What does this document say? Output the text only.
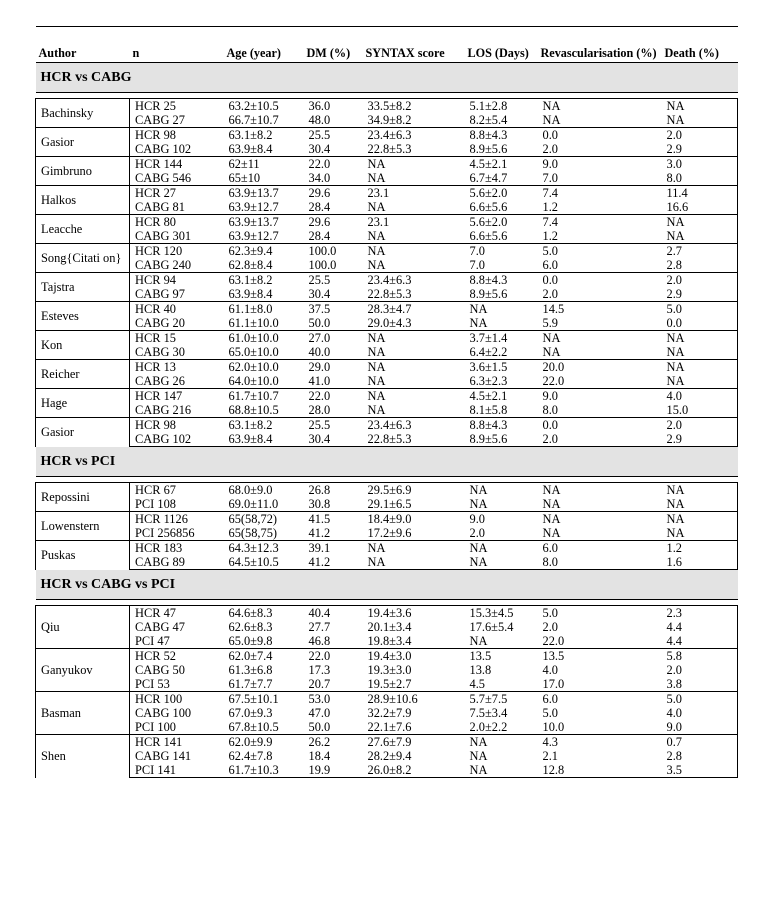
Author	n	Age (year)	DM (%)	SYNTAX score	LOS (Days)	Revascularisation (%)	Death (%)
HCR vs CABG							

Bachinsky	HCR 25	63.2±10.5	36.0	33.5±8.2	5.1±2.8	NA	NA
	CABG 27	66.7±10.7	48.0	34.9±8.2	8.2±5.4	NA	NA
Gasior	HCR 98	63.1±8.2	25.5	23.4±6.3	8.8±4.3	0.0	2.0
	CABG 102	63.9±8.4	30.4	22.8±5.3	8.9±5.6	2.0	2.9
Gimbruno	HCR 144	62±11	22.0	NA	4.5±2.1	9.0	3.0
	CABG 546	65±10	34.0	NA	6.7±4.7	7.0	8.0
Halkos	HCR 27	63.9±13.7	29.6	23.1	5.6±2.0	7.4	11.4
	CABG 81	63.9±12.7	28.4	NA	6.6±5.6	1.2	16.6
Leacche	HCR 80	63.9±13.7	29.6	23.1	5.6±2.0	7.4	NA
	CABG 301	63.9±12.7	28.4	NA	6.6±5.6	1.2	NA
Song{Citati on}	HCR 120	62.3±9.4	100.0	NA	7.0	5.0	2.7
	CABG 240	62.8±8.4	100.0	NA	7.0	6.0	2.8
Tajstra	HCR 94	63.1±8.2	25.5	23.4±6.3	8.8±4.3	0.0	2.0
	CABG 97	63.9±8.4	30.4	22.8±5.3	8.9±5.6	2.0	2.9
Esteves	HCR 40	61.1±8.0	37.5	28.3±4.7	NA	14.5	5.0
	CABG 20	61.1±10.0	50.0	29.0±4.3	NA	5.9	0.0
Kon	HCR 15	61.0±10.0	27.0	NA	3.7±1.4	NA	NA
	CABG 30	65.0±10.0	40.0	NA	6.4±2.2	NA	NA
Reicher	HCR 13	62.0±10.0	29.0	NA	3.6±1.5	20.0	NA
	CABG 26	64.0±10.0	41.0	NA	6.3±2.3	22.0	NA
Hage	HCR 147	61.7±10.7	22.0	NA	4.5±2.1	9.0	4.0
	CABG 216	68.8±10.5	28.0	NA	8.1±5.8	8.0	15.0
Gasior	HCR 98	63.1±8.2	25.5	23.4±6.3	8.8±4.3	0.0	2.0
	CABG 102	63.9±8.4	30.4	22.8±5.3	8.9±5.6	2.0	2.9
HCR vs PCI							

Repossini	HCR 67	68.0±9.0	26.8	29.5±6.9	NA	NA	NA
	PCI 108	69.0±11.0	30.8	29.1±6.5	NA	NA	NA
Lowenstern	HCR 1126	65(58,72)	41.5	18.4±9.0	9.0	NA	NA
	PCI 256856	65(58,75)	41.2	17.2±9.6	2.0	NA	NA
Puskas	HCR 183	64.3±12.3	39.1	NA	NA	6.0	1.2
	CABG 89	64.5±10.5	41.2	NA	NA	8.0	1.6
HCR vs CABG vs PCI							

Qiu	HCR 47	64.6±8.3	40.4	19.4±3.6	15.3±4.5	5.0	2.3
	CABG 47	62.6±8.3	27.7	20.1±3.4	17.6±5.4	2.0	4.4
	PCI 47	65.0±9.8	46.8	19.8±3.4	NA	22.0	4.4
Ganyukov	HCR 52	62.0±7.4	22.0	19.4±3.0	13.5	13.5	5.8
	CABG 50	61.3±6.8	17.3	19.3±3.0	13.8	4.0	2.0
	PCI 53	61.7±7.7	20.7	19.5±2.7	4.5	17.0	3.8
Basman	HCR 100	67.5±10.1	53.0	28.9±10.6	5.7±7.5	6.0	5.0
	CABG 100	67.0±9.3	47.0	32.2±7.9	7.5±3.4	5.0	4.0
	PCI 100	67.8±10.5	50.0	22.1±7.6	2.0±2.2	10.0	9.0
Shen	HCR 141	62.0±9.9	26.2	27.6±7.9	NA	4.3	0.7
	CABG 141	62.4±7.8	18.4	28.2±9.4	NA	2.1	2.8
	PCI 141	61.7±10.3	19.9	26.0±8.2	NA	12.8	3.5
